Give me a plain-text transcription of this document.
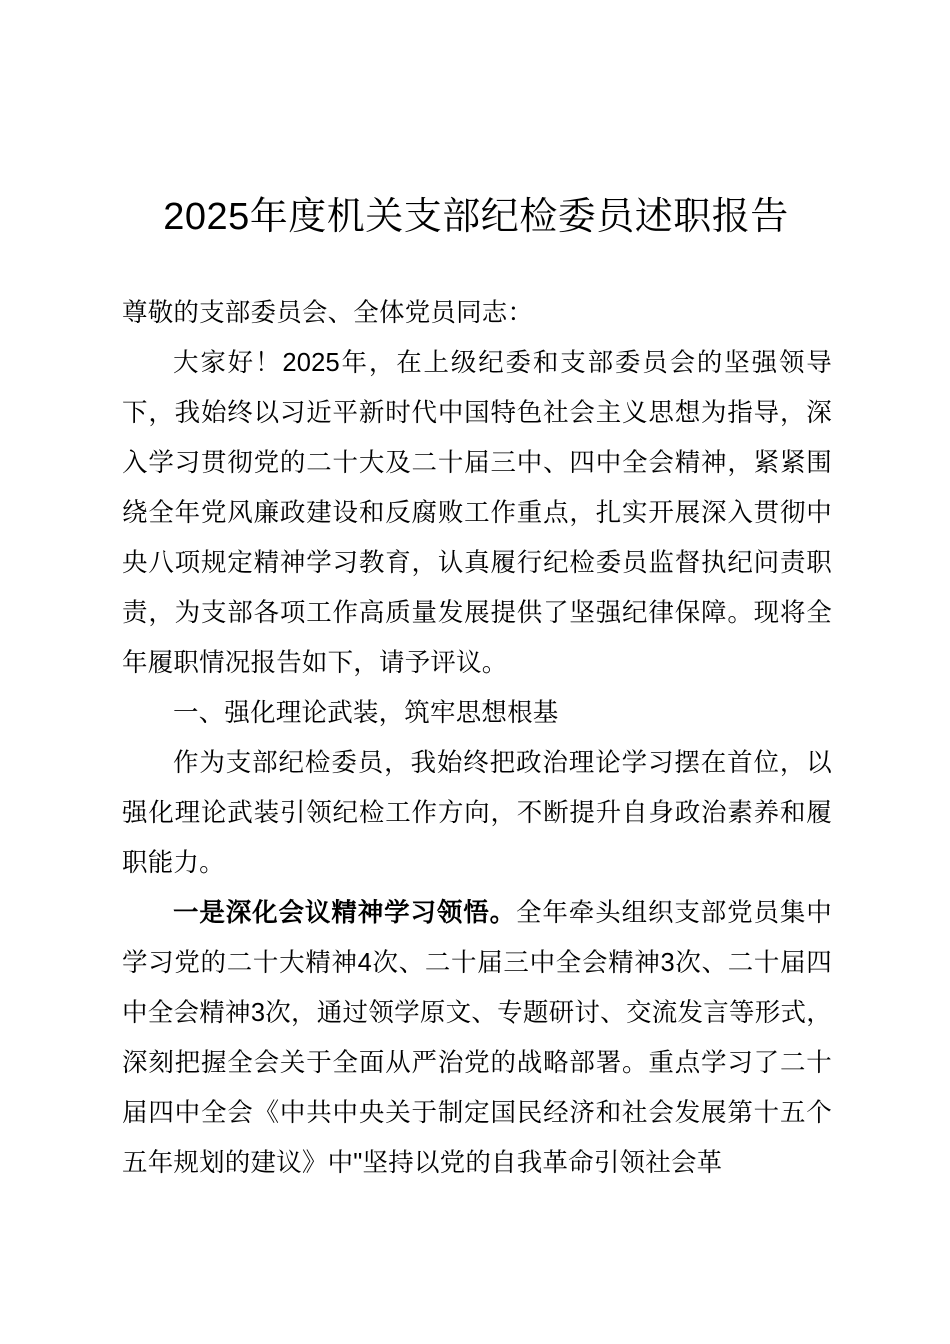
2025年度机关支部纪检委员述职报告

尊敬的支部委员会、全体党员同志：

大家好！2025年，在上级纪委和支部委员会的坚强领导下，我始终以习近平新时代中国特色社会主义思想为指导，深入学习贯彻党的二十大及二十届三中、四中全会精神，紧紧围绕全年党风廉政建设和反腐败工作重点，扎实开展深入贯彻中央八项规定精神学习教育，认真履行纪检委员监督执纪问责职责，为支部各项工作高质量发展提供了坚强纪律保障。现将全年履职情况报告如下，请予评议。

一、强化理论武装，筑牢思想根基

作为支部纪检委员，我始终把政治理论学习摆在首位，以强化理论武装引领纪检工作方向，不断提升自身政治素养和履职能力。

一是深化会议精神学习领悟。全年牵头组织支部党员集中学习党的二十大精神4次、二十届三中全会精神3次、二十届四中全会精神3次，通过领学原文、专题研讨、交流发言等形式，深刻把握全会关于全面从严治党的战略部署。重点学习了二十届四中全会《中共中央关于制定国民经济和社会发展第十五个五年规划的建议》中"坚持以党的自我革命引领社会革
